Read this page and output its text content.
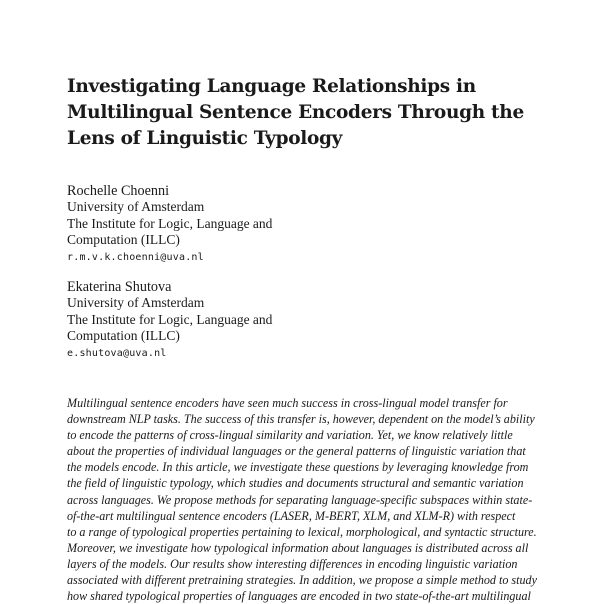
Investigating Language Relationships in
Multilingual Sentence Encoders Through the
Lens of Linguistic Typology
Rochelle Choenni
University of Amsterdam
The Institute for Logic, Language and
Computation (ILLC)
r.m.v.k.choenni@uva.nl
Ekaterina Shutova
University of Amsterdam
The Institute for Logic, Language and
Computation (ILLC)
e.shutova@uva.nl
Multilingual sentence encoders have seen much success in cross-lingual model transfer for
downstream NLP tasks. The success of this transfer is, however, dependent on the model’s ability
to encode the patterns of cross-lingual similarity and variation. Yet, we know relatively little
about the properties of individual languages or the general patterns of linguistic variation that
the models encode. In this article, we investigate these questions by leveraging knowledge from
the field of linguistic typology, which studies and documents structural and semantic variation
across languages. We propose methods for separating language-specific subspaces within state-
of-the-art multilingual sentence encoders (LASER, M-BERT, XLM, and XLM-R) with respect
to a range of typological properties pertaining to lexical, morphological, and syntactic structure.
Moreover, we investigate how typological information about languages is distributed across all
layers of the models. Our results show interesting differences in encoding linguistic variation
associated with different pretraining strategies. In addition, we propose a simple method to study
how shared typological properties of languages are encoded in two state-of-the-art multilingual
